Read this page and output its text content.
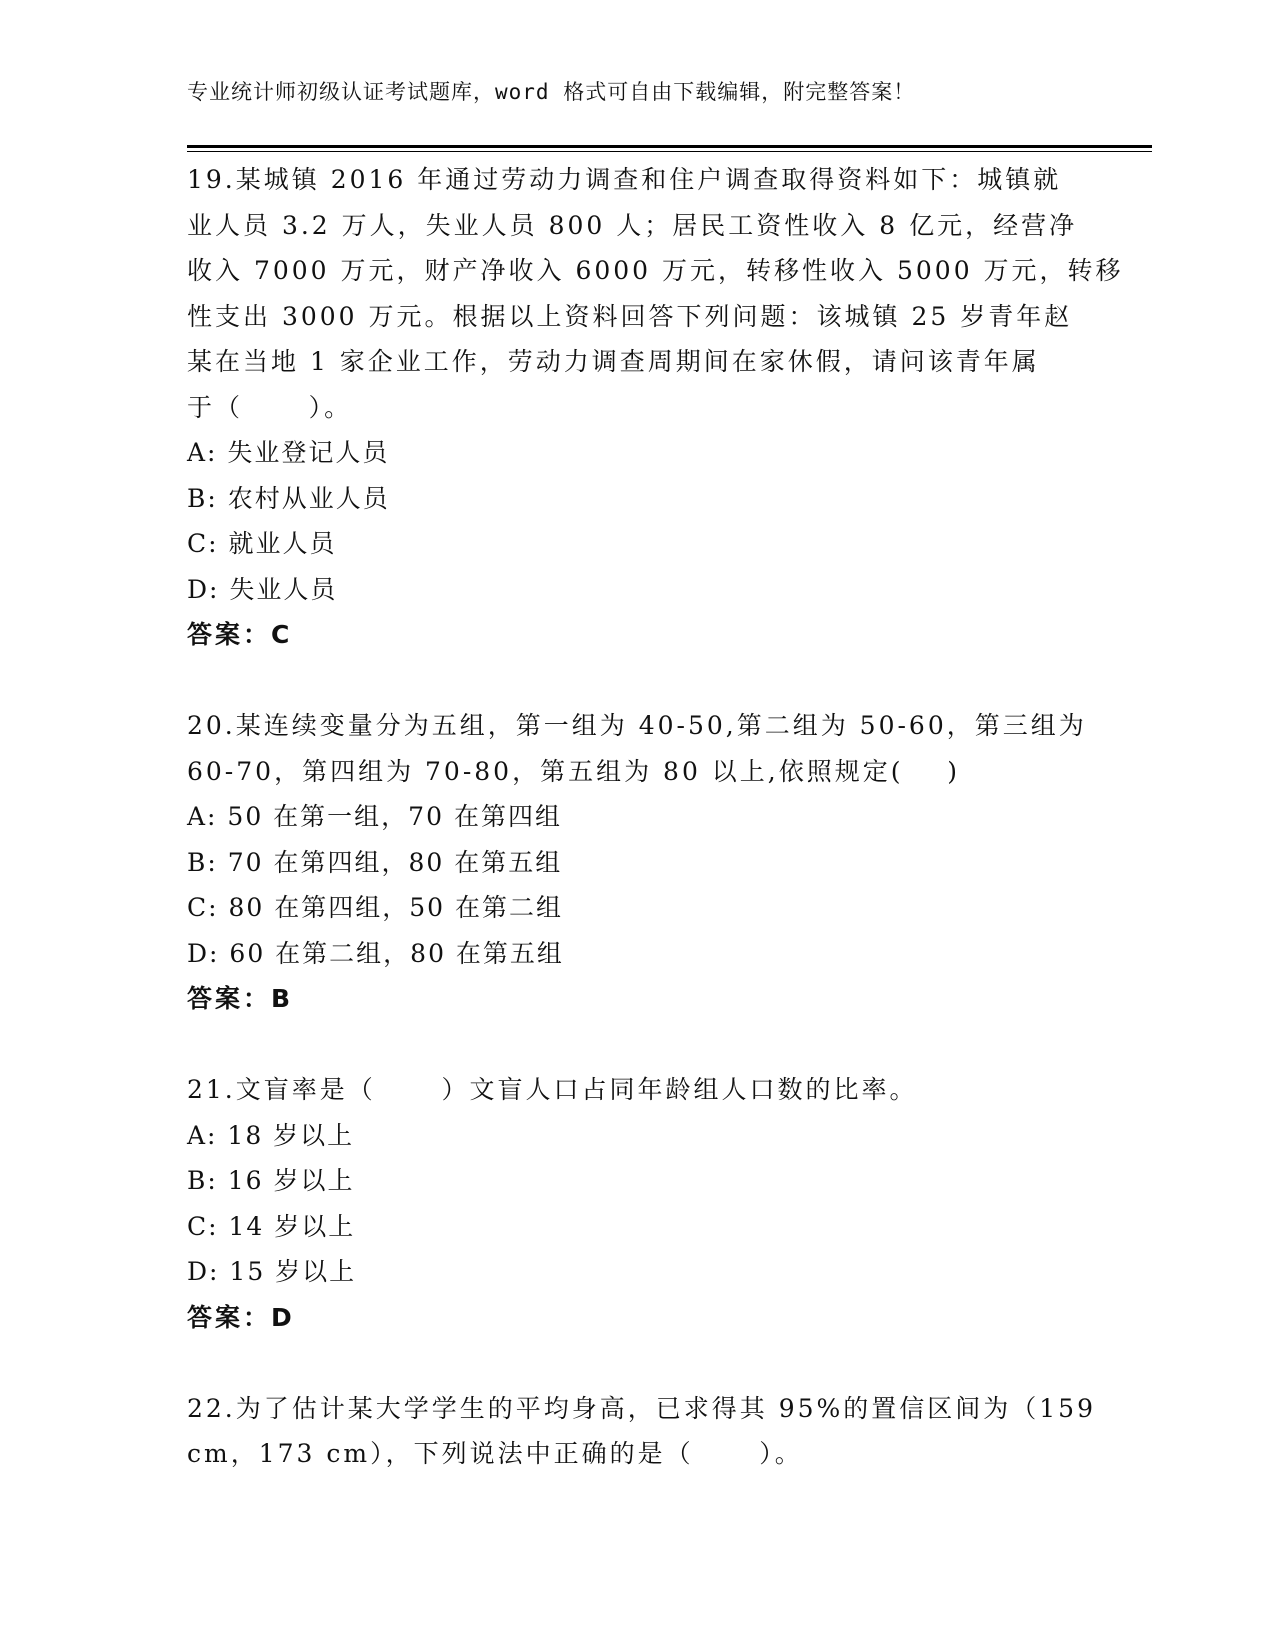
专业统计师初级认证考试题库，word 格式可自由下载编辑，附完整答案！
19.某城镇 2016 年通过劳动力调查和住户调查取得资料如下：城镇就
业人员 3.2 万人，失业人员 800 人；居民工资性收入 8 亿元，经营净
收入 7000 万元，财产净收入 6000 万元，转移性收入 5000 万元，转移
性支出 3000 万元。根据以上资料回答下列问题：该城镇 25 岁青年赵
某在当地 1 家企业工作，劳动力调查周期间在家休假，请问该青年属
于（      ）。
A: 失业登记人员
B: 农村从业人员
C: 就业人员
D: 失业人员
答案：C
20.某连续变量分为五组，第一组为 40-50,第二组为 50-60，第三组为
60-70，第四组为 70-80，第五组为 80 以上,依照规定(    )
A: 50 在第一组，70 在第四组
B: 70 在第四组，80 在第五组
C: 80 在第四组，50 在第二组
D: 60 在第二组，80 在第五组
答案：B
21.文盲率是（      ）文盲人口占同年龄组人口数的比率。
A: 18 岁以上
B: 16 岁以上
C: 14 岁以上
D: 15 岁以上
答案：D
22.为了估计某大学学生的平均身高，已求得其 95%的置信区间为（159
cm，173 cm），下列说法中正确的是（      ）。
